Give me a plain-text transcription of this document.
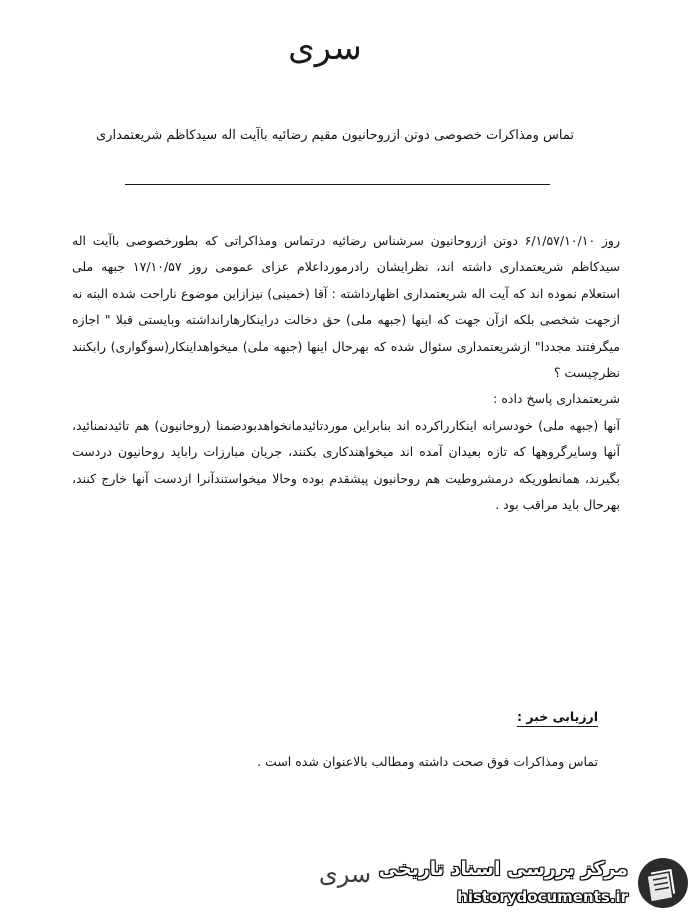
سری
تماس ومذاکرات خصوصی دوتن ازروحانیون مقیم رضائیه باآیت اله سیدکاظم شریعتمداری

روز ۶/۱/۵۷/۱۰/۱۰ دوتن ازروحانیون سرشناس رضائیه درتماس ومذاکراتی که بطورخصوصی باآیت اله سیدکاظم شریعتمداری داشته اند، نظرایشان رادرمورداعلام عزای عمومی روز ۱۷/۱۰/۵۷ جبهه ملی استعلام نموده اند که آیت اله شریعتمداری اظهارداشته : آقا (خمینی) نیزازاین موضوع ناراحت شده البته نه ازجهت شخصی بلکه ازآن جهت که اینها (جبهه ملی) حق دخالت دراینکارهارانداشته وبایستی قبلا " اجازه میگرفتند مجددا" ازشریعتمداری سئوال شده که بهرحال اینها (جبهه ملی) میخواهداینکار(سوگواری) رابکنند نظرچیست ؟

شریعتمداری پاسخ داده :

آنها (جبهه ملی) خودسرانه اینکارراکرده اند بنابراین موردتائیدمانخواهدبودضمنا (روحانیون) هم تائیدنمنائید، آنها وسایرگروهها که تازه بعیدان آمده اند میخواهندکاری بکنند، جریان مبارزات راباید روحانیون دردست بگیرند، همانطوریکه درمشروطیت هم روحانیون پیشقدم بوده وحالا میخواستندآنرا ازدست آنها خارج کنند، بهرحال باید مراقب بود .

ارزیابی خبر :
تماس ومذاکرات فوق صحت داشته ومطالب بالاعنوان شده است .
سری مرکز بررسی اسناد تاریخی
historydocuments.ir
